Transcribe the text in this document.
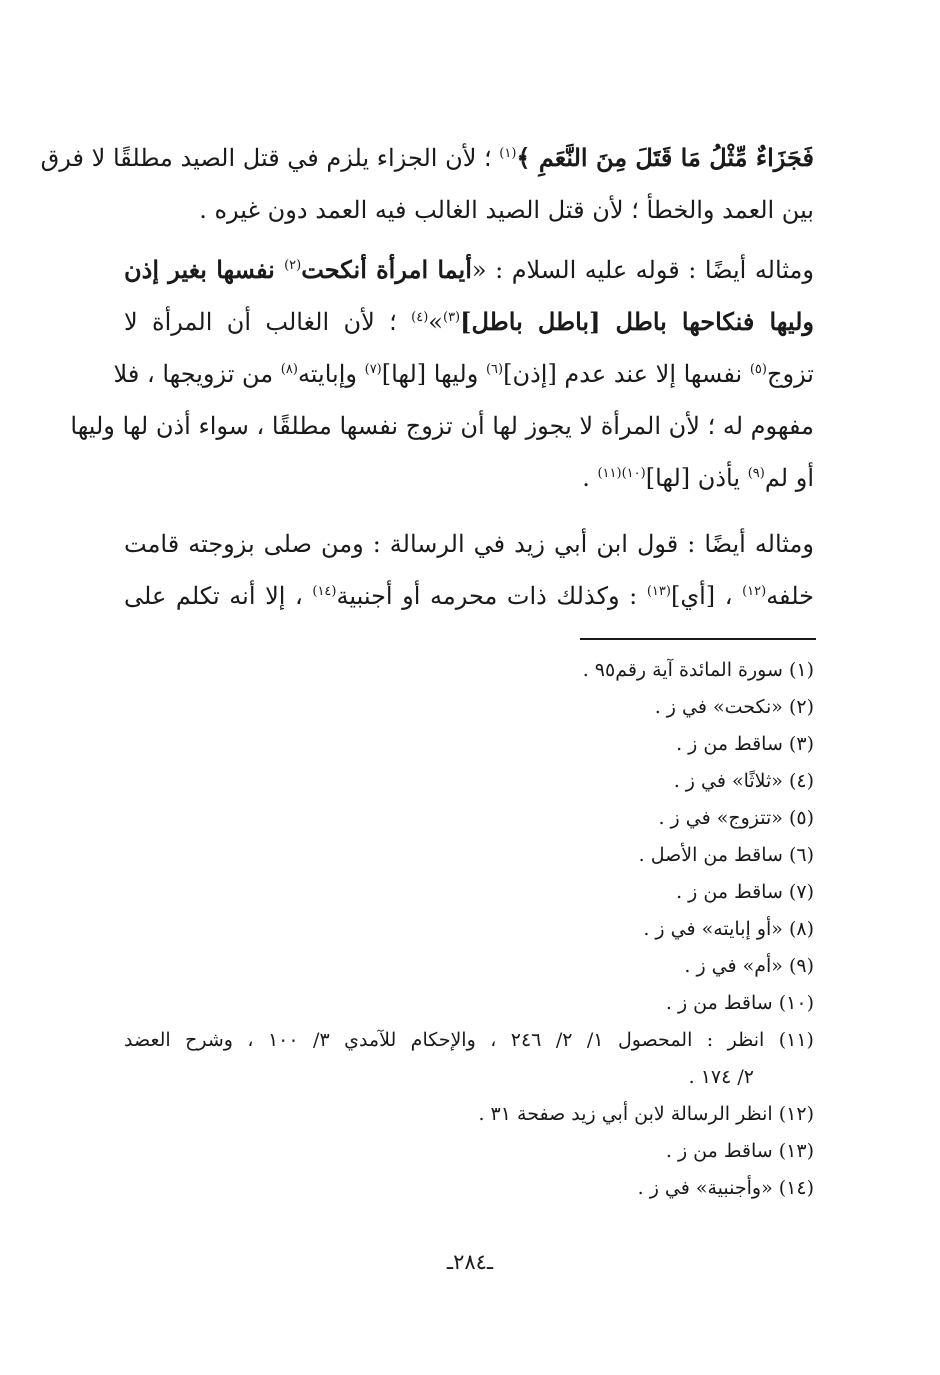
فَجَزَاءٌ مِّثْلُ مَا قَتَلَ مِنَ النَّعَمِ ﴾$^{(١)}$ ؛ لأن الجزاء يلزم في قتل الصيد مطلقًا لا فرق
بين العمد والخطأ ؛ لأن قتل الصيد الغالب فيه العمد دون غيره .
ومثاله أيضًا : قوله عليه السلام : «أيما امرأة أنكحت$^{(٢)}$ نفسها بغير إذن
وليها فنكاحها باطل [باطل باطل]$^{(٣)}$»$^{(٤)}$ ؛ لأن الغالب أن المرأة لا
تزوج$^{(٥)}$ نفسها إلا عند عدم [إذن]$^{(٦)}$ وليها [لها]$^{(٧)}$ وإبايته$^{(٨)}$ من تزويجها ، فلا
مفهوم له ؛ لأن المرأة لا يجوز لها أن تزوج نفسها مطلقًا ، سواء أذن لها وليها
أو لم$^{(٩)}$ يأذن [لها]$^{(١٠)(١١)}$ .
ومثاله أيضًا : قول ابن أبي زيد في الرسالة : ومن صلى بزوجته قامت
خلفه$^{(١٢)}$ ، [أي]$^{(١٣)}$ : وكذلك ذات محرمه أو أجنبية$^{(١٤)}$ ، إلا أنه تكلم على
(١) سورة المائدة آية رقم٩٥ .
(٢) «نكحت» في ز .
(٣) ساقط من ز .
(٤) «ثلاثًا» في ز .
(٥) «تتزوج» في ز .
(٦) ساقط من الأصل .
(٧) ساقط من ز .
(٨) «أو إبايته» في ز .
(٩) «أم» في ز .
(١٠) ساقط من ز .
(١١) انظر : المحصول ١/ ٢/ ٢٤٦ ، والإحكام للآمدي ٣/ ١٠٠ ، وشرح العضد
٢/ ١٧٤ .
(١٢) انظر الرسالة لابن أبي زيد صفحة ٣١ .
(١٣) ساقط من ز .
(١٤) «وأجنبية» في ز .
ـ٢٨٤ـ
